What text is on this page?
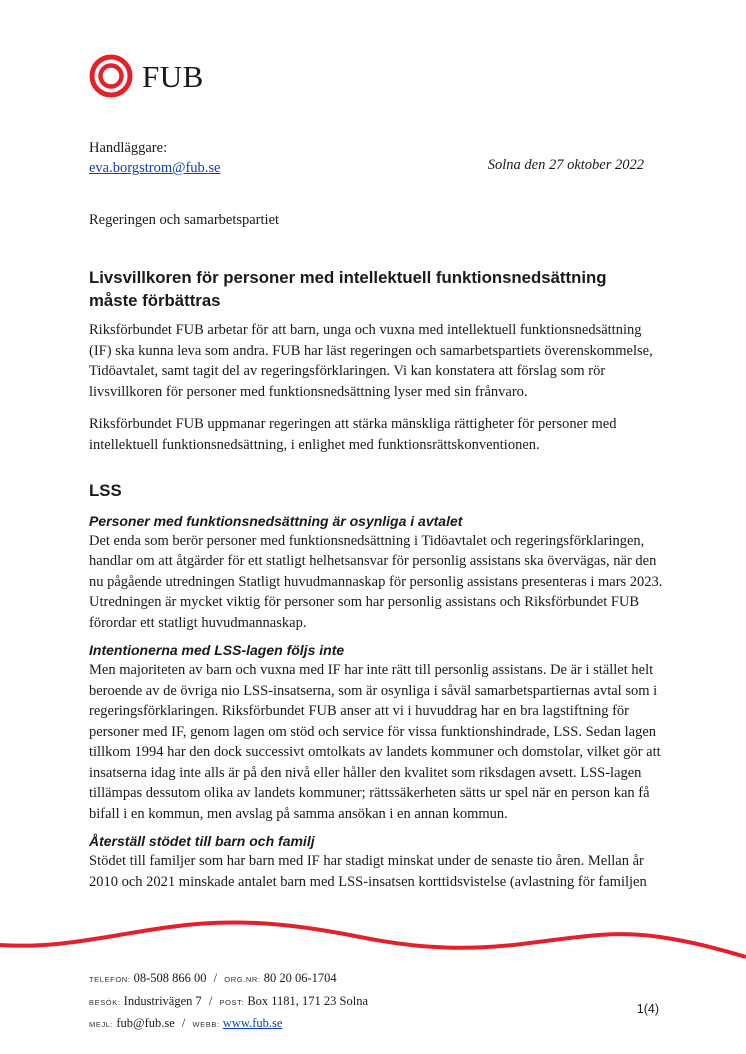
FUB
Handläggare:
eva.borgstrom@fub.se	Solna den 27 oktober 2022
Regeringen och samarbetspartiet
Livsvillkoren för personer med intellektuell funktionsnedsättning måste förbättras

Riksförbundet FUB arbetar för att barn, unga och vuxna med intellektuell funktionsnedsättning (IF) ska kunna leva som andra. FUB har läst regeringen och samarbetspartiets överenskommelse, Tidöavtalet, samt tagit del av regeringsförklaringen. Vi kan konstatera att förslag som rör livsvillkoren för personer med funktionsnedsättning lyser med sin frånvaro.

Riksförbundet FUB uppmanar regeringen att stärka mänskliga rättigheter för personer med intellektuell funktionsnedsättning, i enlighet med funktionsrättskonventionen.

LSS
Personer med funktionsnedsättning är osynliga i avtalet

Det enda som berör personer med funktionsnedsättning i Tidöavtalet och regeringsförklaringen, handlar om att åtgärder för ett statligt helhetsansvar för personlig assistans ska övervägas, när den nu pågående utredningen Statligt huvudmannaskap för personlig assistans presenteras i mars 2023. Utredningen är mycket viktig för personer som har personlig assistans och Riksförbundet FUB förordar ett statligt huvudmannaskap.

Intentionerna med LSS-lagen följs inte

Men majoriteten av barn och vuxna med IF har inte rätt till personlig assistans. De är i stället helt beroende av de övriga nio LSS-insatserna, som är osynliga i såväl samarbetspartiernas avtal som i regeringsförklaringen. Riksförbundet FUB anser att vi i huvuddrag har en bra lagstiftning för personer med IF, genom lagen om stöd och service för vissa funktionshindrade, LSS. Sedan lagen tillkom 1994 har den dock successivt omtolkats av landets kommuner och domstolar, vilket gör att insatserna idag inte alls är på den nivå eller håller den kvalitet som riksdagen avsett. LSS-lagen tillämpas dessutom olika av landets kommuner; rättssäkerheten sätts ur spel när en person kan få bifall i en kommun, men avslag på samma ansökan i en annan kommun.

Återställ stödet till barn och familj

Stödet till familjer som har barn med IF har stadigt minskat under de senaste tio åren. Mellan år 2010 och 2021 minskade antalet barn med LSS-insatsen korttidsvistelse (avlastning för familjen

TELEFON: 08-508 866 00 / ORG.NR: 80 20 06-1704
BESÖK: Industrivägen 7 / POST: Box 1181, 171 23 Solna
MEJL: fub@fub.se / WEBB: www.fub.se
1(4)
